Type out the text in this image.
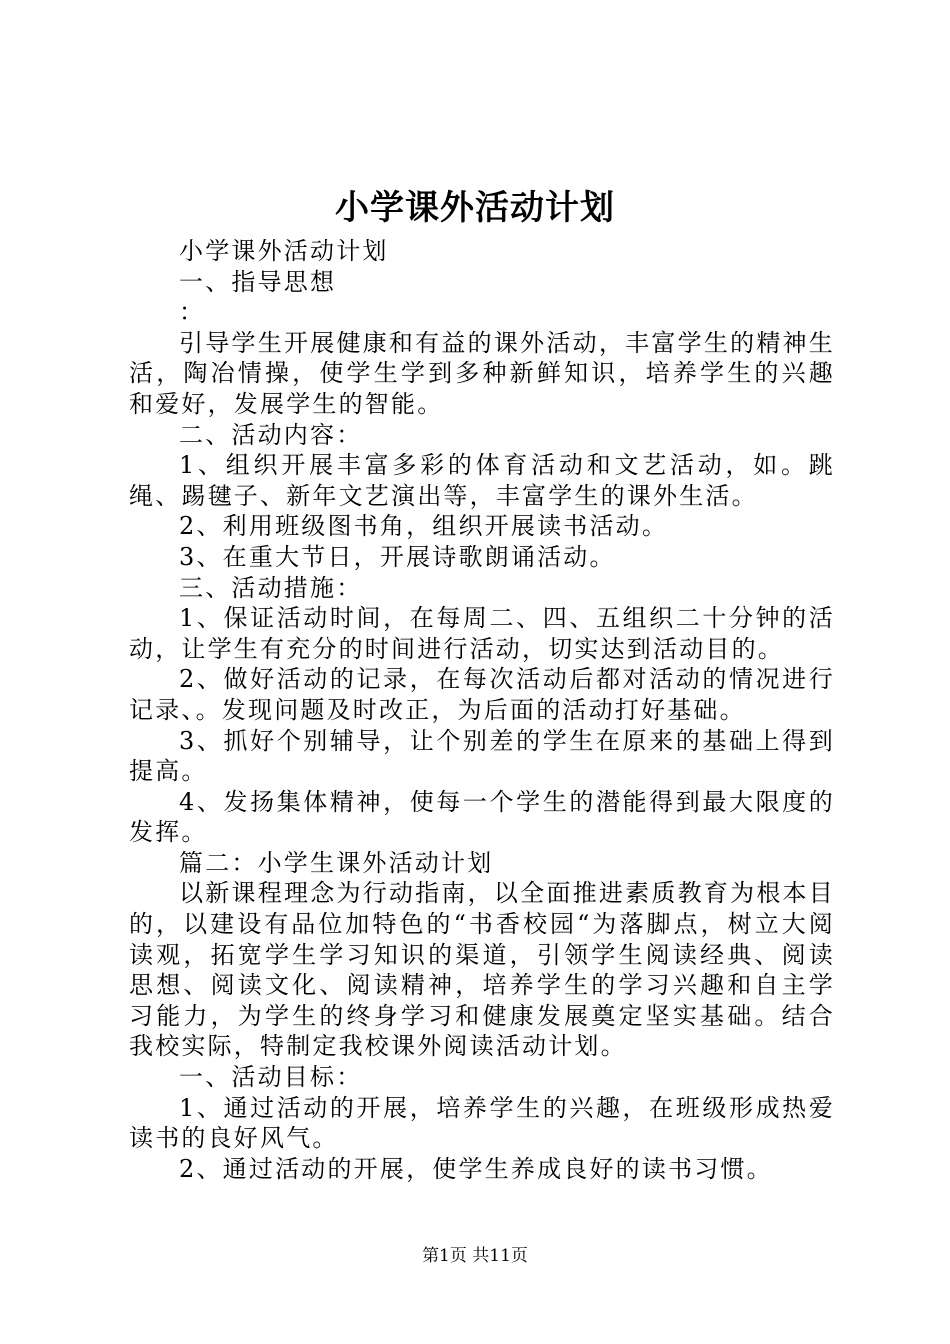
小学课外活动计划

小学课外活动计划

一、指导思想

：

引导学生开展健康和有益的课外活动，丰富学生的精神生活，陶冶情操，使学生学到多种新鲜知识，培养学生的兴趣和爱好，发展学生的智能。

二、活动内容：

1、组织开展丰富多彩的体育活动和文艺活动，如。跳绳、踢毽子、新年文艺演出等，丰富学生的课外生活。

2、利用班级图书角，组织开展读书活动。

3、在重大节日，开展诗歌朗诵活动。

三、活动措施：

1、保证活动时间，在每周二、四、五组织二十分钟的活动，让学生有充分的时间进行活动，切实达到活动目的。

2、做好活动的记录，在每次活动后都对活动的情况进行记录、。发现问题及时改正，为后面的活动打好基础。

3、抓好个别辅导，让个别差的学生在原来的基础上得到提高。

4、发扬集体精神，使每一个学生的潜能得到最大限度的发挥。

篇二：小学生课外活动计划

以新课程理念为行动指南，以全面推进素质教育为根本目的，以建设有品位加特色的“书香校园“为落脚点，树立大阅读观，拓宽学生学习知识的渠道，引领学生阅读经典、阅读思想、阅读文化、阅读精神，培养学生的学习兴趣和自主学习能力，为学生的终身学习和健康发展奠定坚实基础。结合我校实际，特制定我校课外阅读活动计划。

一、活动目标：

1、通过活动的开展，培养学生的兴趣，在班级形成热爱读书的良好风气。

2、通过活动的开展，使学生养成良好的读书习惯。

第1页 共11页
